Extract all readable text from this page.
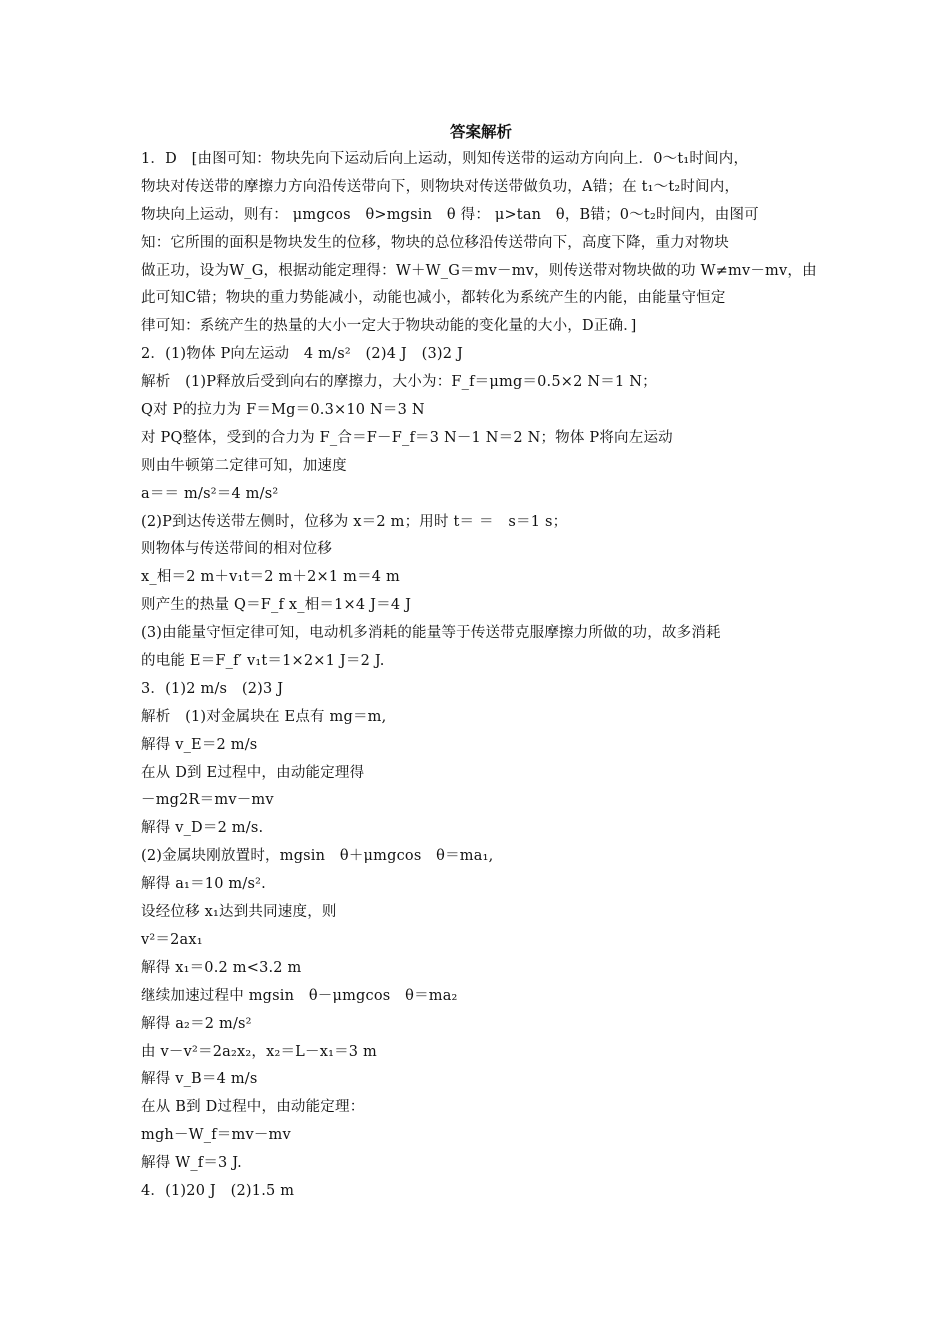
答案解析
1．D　[由图可知：物块先向下运动后向上运动，则知传送带的运动方向向上．0～t₁时间内，
物块对传送带的摩擦力方向沿传送带向下，则物块对传送带做负功，A错；在 t₁～t₂时间内，
物块向上运动，则有： μmgcos　θ>mgsin　θ 得： μ>tan　θ，B错；0～t₂时间内，由图可
知：它所围的面积是物块发生的位移，物块的总位移沿传送带向下，高度下降，重力对物块
做正功，设为W_G，根据动能定理得：W＋W_G＝mv－mv，则传送带对物块做的功 W≠mv－mv，由
此可知C错；物块的重力势能减小，动能也减小，都转化为系统产生的内能，由能量守恒定
律可知：系统产生的热量的大小一定大于物块动能的变化量的大小，D正确．]
2．(1)物体 P向左运动　4 m/s²　(2)4 J　(3)2 J
解析　(1)P释放后受到向右的摩擦力，大小为：F_f＝μmg＝0.5×2 N＝1 N；
Q对 P的拉力为 F＝Mg＝0.3×10 N＝3 N
对 PQ整体，受到的合力为 F_合＝F－F_f＝3 N－1 N＝2 N；物体 P将向左运动
则由牛顿第二定律可知，加速度
a＝＝ m/s²＝4 m/s²
(2)P到达传送带左侧时，位移为 x＝2 m；用时 t＝ ＝　s＝1 s；
则物体与传送带间的相对位移
x_相＝2 m＋v₁t＝2 m＋2×1 m＝4 m
则产生的热量 Q＝F_f x_相＝1×4 J＝4 J
(3)由能量守恒定律可知，电动机多消耗的能量等于传送带克服摩擦力所做的功，故多消耗
的电能 E＝F_f′ v₁t＝1×2×1 J＝2 J.
3．(1)2 m/s　(2)3 J
解析　(1)对金属块在 E点有 mg＝m,
解得 v_E＝2 m/s
在从 D到 E过程中，由动能定理得
－mg2R＝mv－mv
解得 v_D＝2 m/s.
(2)金属块刚放置时，mgsin　θ＋μmgcos　θ＝ma₁,
解得 a₁＝10 m/s².
设经位移 x₁达到共同速度，则
v²＝2ax₁
解得 x₁＝0.2 m<3.2 m
继续加速过程中 mgsin　θ－μmgcos　θ＝ma₂
解得 a₂＝2 m/s²
由 v－v²＝2a₂x₂，x₂＝L－x₁＝3 m
解得 v_B＝4 m/s
在从 B到 D过程中，由动能定理：
mgh－W_f＝mv－mv
解得 W_f＝3 J.
4．(1)20 J　(2)1.5 m
